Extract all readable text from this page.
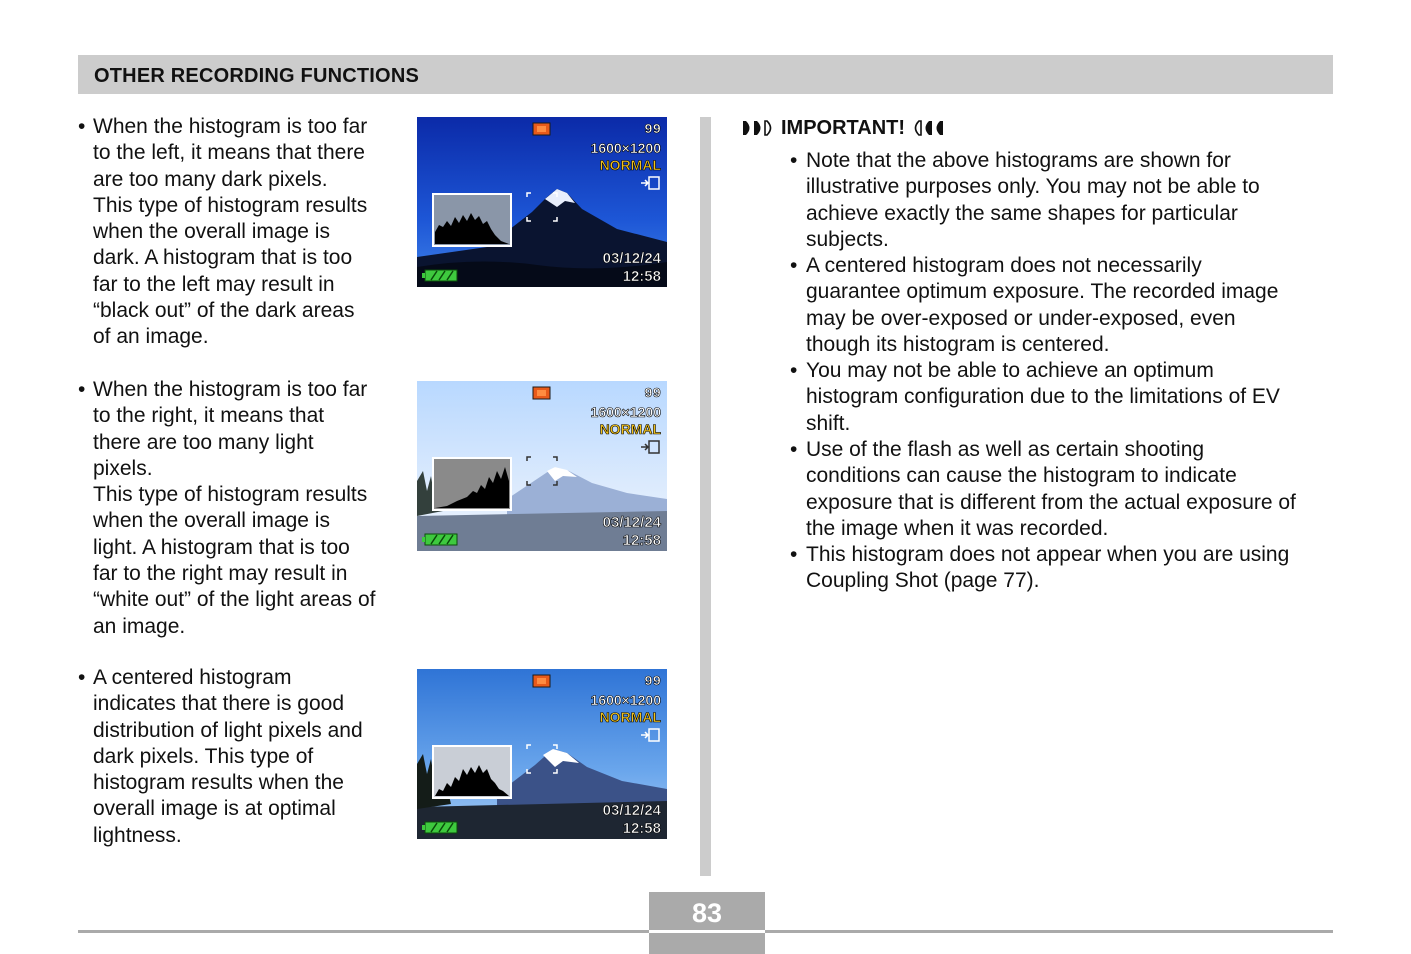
OTHER RECORDING FUNCTIONS
• When the histogram is too far
to the left, it means that there
are too many dark pixels.
This type of histogram results
when the overall image is
dark. A histogram that is too
far to the left may result in
“black out” of the dark areas
of an image.
• When the histogram is too far
to the right, it means that
there are too many light
pixels.
This type of histogram results
when the overall image is
light. A histogram that is too
far to the right may result in
“white out” of the light areas of
an image.
• A centered histogram
indicates that there is good
distribution of light pixels and
dark pixels. This type of
histogram results when the
overall image is at optimal
lightness.
99
1600×1200
NORMAL
03/12/24
12:58
99
1600×1200
NORMAL
03/12/24
12:58
99
1600×1200
NORMAL
03/12/24
12:58
IMPORTANT!
• Note that the above histograms are shown for
illustrative purposes only. You may not be able to
achieve exactly the same shapes for particular
subjects.
• A centered histogram does not necessarily
guarantee optimum exposure. The recorded image
may be over-exposed or under-exposed, even
though its histogram is centered.
• You may not be able to achieve an optimum
histogram configuration due to the limitations of EV
shift.
• Use of the flash as well as certain shooting
conditions can cause the histogram to indicate
exposure that is different from the actual exposure of
the image when it was recorded.
• This histogram does not appear when you are using
Coupling Shot (page 77).
83
